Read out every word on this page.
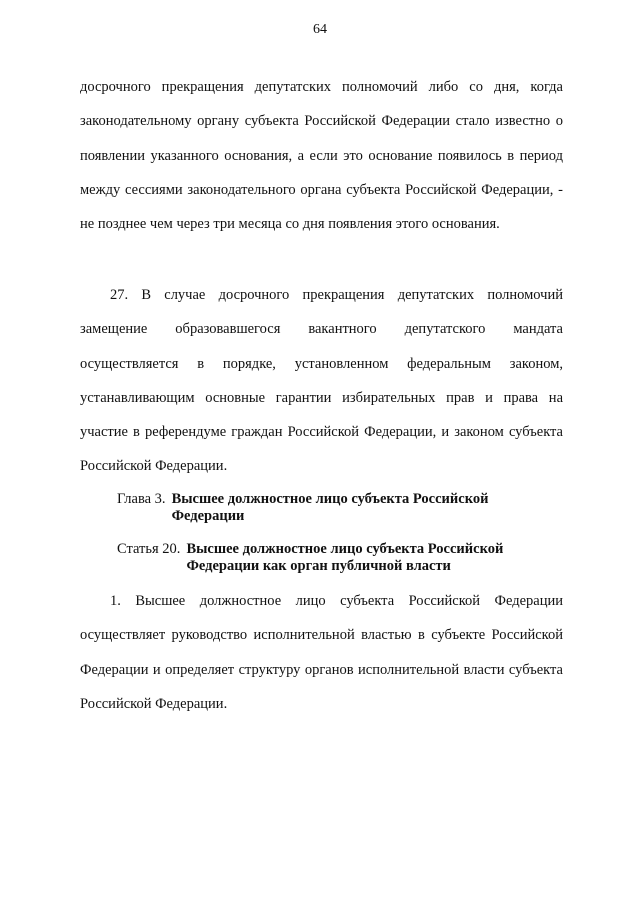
64

досрочного прекращения депутатских полномочий либо со дня, когда законодательному органу субъекта Российской Федерации стало известно о появлении указанного основания, а если это основание появилось в период между сессиями законодательного органа субъекта Российской Федерации, - не позднее чем через три месяца со дня появления этого основания.

27. В случае досрочного прекращения депутатских полномочий замещение образовавшегося вакантного депутатского мандата осуществляется в порядке, установленном федеральным законом, устанавливающим основные гарантии избирательных прав и права на участие в референдуме граждан Российской Федерации, и законом субъекта Российской Федерации.

Глава 3. Высшее должностное лицо субъекта Российской Федерации
Статья 20. Высшее должностное лицо субъекта Российской Федерации как орган публичной власти

1. Высшее должностное лицо субъекта Российской Федерации осуществляет руководство исполнительной властью в субъекте Российской Федерации и определяет структуру органов исполнительной власти субъекта Российской Федерации.
